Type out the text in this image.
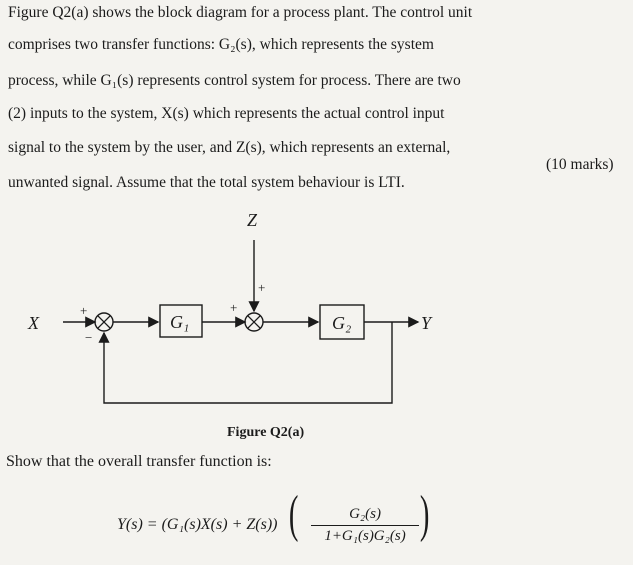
Figure Q2(a) shows the block diagram for a process plant. The control unit
comprises two transfer functions: G₂(s), which represents the system
process, while G₁(s) represents control system for process. There are two
(2) inputs to the system, X(s) which represents the actual control input
signal to the system by the user, and Z(s), which represents an external,
unwanted signal. Assume that the total system behaviour is LTI.
(10 marks)
X
+
−
G₁
+
+
Z
G₂	Y
Figure Q2(a)
Show that the overall transfer function is:
Y(s) = (G₁(s)X(s) + Z(s)) (	G₂(s)
1+G₁(s)G₂(s) )
